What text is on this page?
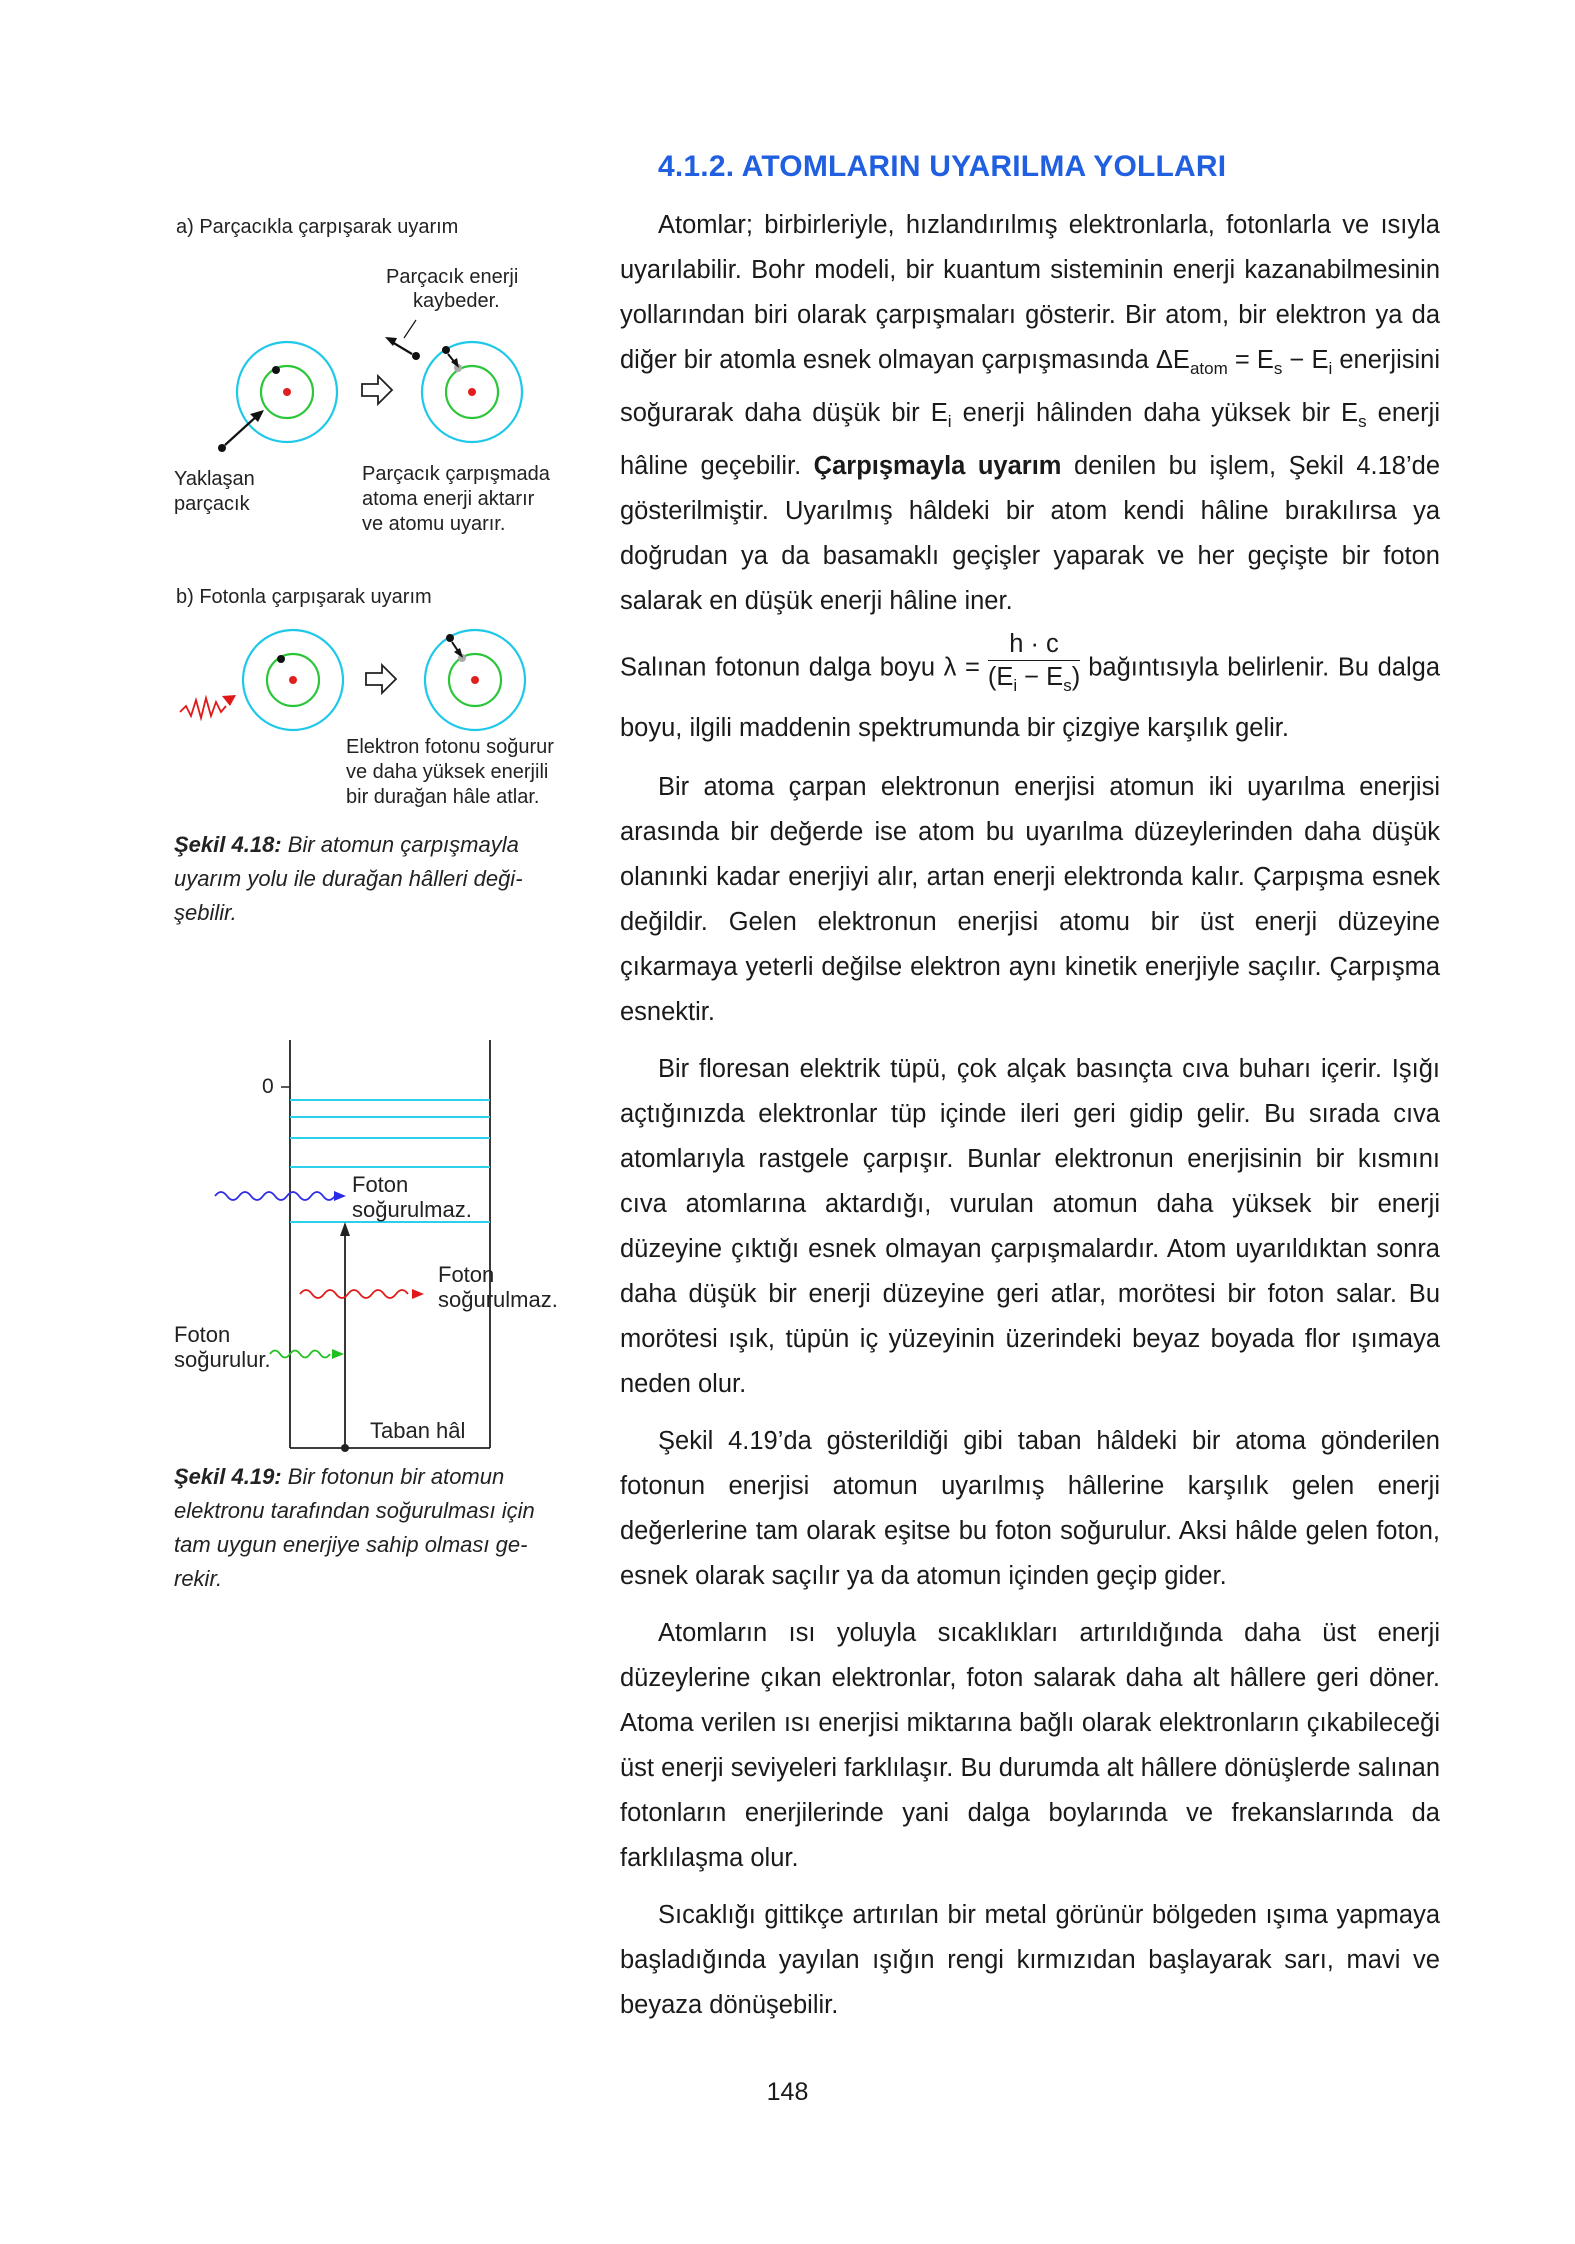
4.1.2. ATOMLARIN UYARILMA YOLLARI
a) Parçacıkla çarpışarak uyarım
Parçacık enerji
kaybeder.
Yaklaşan
parçacık
Parçacık çarpışmada
atoma enerji aktarır
ve atomu uyarır.
b) Fotonla çarpışarak uyarım
Elektron fotonu soğurur
ve daha yüksek enerjili
bir durağan hâle atlar.
Şekil 4.18: Bir atomun çarpışmayla
uyarım yolu ile durağan hâlleri deği-
şebilir.
0
Foton
soğurulmaz.
Foton
soğurulmaz.
Foton
soğurulur.
Taban hâl
Şekil 4.19: Bir fotonun bir atomun
elektronu tarafından soğurulması için
tam uygun enerjiye sahip olması ge-
rekir.

Atomlar; birbirleriyle, hızlandırılmış elektronlarla, fotonlarla ve ısıyla uyarılabilir. Bohr modeli, bir kuantum sisteminin enerji kazanabilmesinin yollarından biri olarak çarpışmaları gösterir. Bir atom, bir elektron ya da diğer bir atomla esnek olmayan çarpışmasında $\Delta E_{atom} = E_s - E_i$ enerjisini soğurarak daha düşük bir $E_i$ enerji hâlinden daha yüksek bir $E_s$ enerji hâline geçebilir. Çarpışmayla uyarım denilen bu işlem, Şekil 4.18’de gösterilmiştir. Uyarılmış hâldeki bir atom kendi hâline bırakılırsa ya doğrudan ya da basamaklı geçişler yaparak ve her geçişte bir foton salarak en düşük enerji hâline iner.

Salınan fotonun dalga boyu $\lambda = \frac{h \cdot c}{(E_i - E_s)}$ bağıntısıyla belirlenir. Bu dalga boyu, ilgili maddenin spektrumunda bir çizgiye karşılık gelir.

Bir atoma çarpan elektronun enerjisi atomun iki uyarılma enerjisi arasında bir değerde ise atom bu uyarılma düzeylerinden daha düşük olanınki kadar enerjiyi alır, artan enerji elektronda kalır. Çarpışma esnek değildir. Gelen elektronun enerjisi atomu bir üst enerji düzeyine çıkarmaya yeterli değilse elektron aynı kinetik enerjiyle saçılır. Çarpışma esnektir.

Bir floresan elektrik tüpü, çok alçak basınçta cıva buharı içerir. Işığı açtığınızda elektronlar tüp içinde ileri geri gidip gelir. Bu sırada cıva atomlarıyla rastgele çarpışır. Bunlar elektronun enerjisinin bir kısmını cıva atomlarına aktardığı, vurulan atomun daha yüksek bir enerji düzeyine çıktığı esnek olmayan çarpışmalardır. Atom uyarıldıktan sonra daha düşük bir enerji düzeyine geri atlar, morötesi bir foton salar. Bu morötesi ışık, tüpün iç yüzeyinin üzerindeki beyaz boyada flor ışımaya neden olur.

Şekil 4.19’da gösterildiği gibi taban hâldeki bir atoma gönderilen fotonun enerjisi atomun uyarılmış hâllerine karşılık gelen enerji değerlerine tam olarak eşitse bu foton soğurulur. Aksi hâlde gelen foton, esnek olarak saçılır ya da atomun içinden geçip gider.

Atomların ısı yoluyla sıcaklıkları artırıldığında daha üst enerji düzeylerine çıkan elektronlar, foton salarak daha alt hâllere geri döner. Atoma verilen ısı enerjisi miktarına bağlı olarak elektronların çıkabileceği üst enerji seviyeleri farklılaşır. Bu durumda alt hâllere dönüşlerde salınan fotonların enerjilerinde yani dalga boylarında ve frekanslarında da farklılaşma olur.

Sıcaklığı gittikçe artırılan bir metal görünür bölgeden ışıma yapmaya başladığında yayılan ışığın rengi kırmızıdan başlayarak sarı, mavi ve beyaza dönüşebilir.

148
